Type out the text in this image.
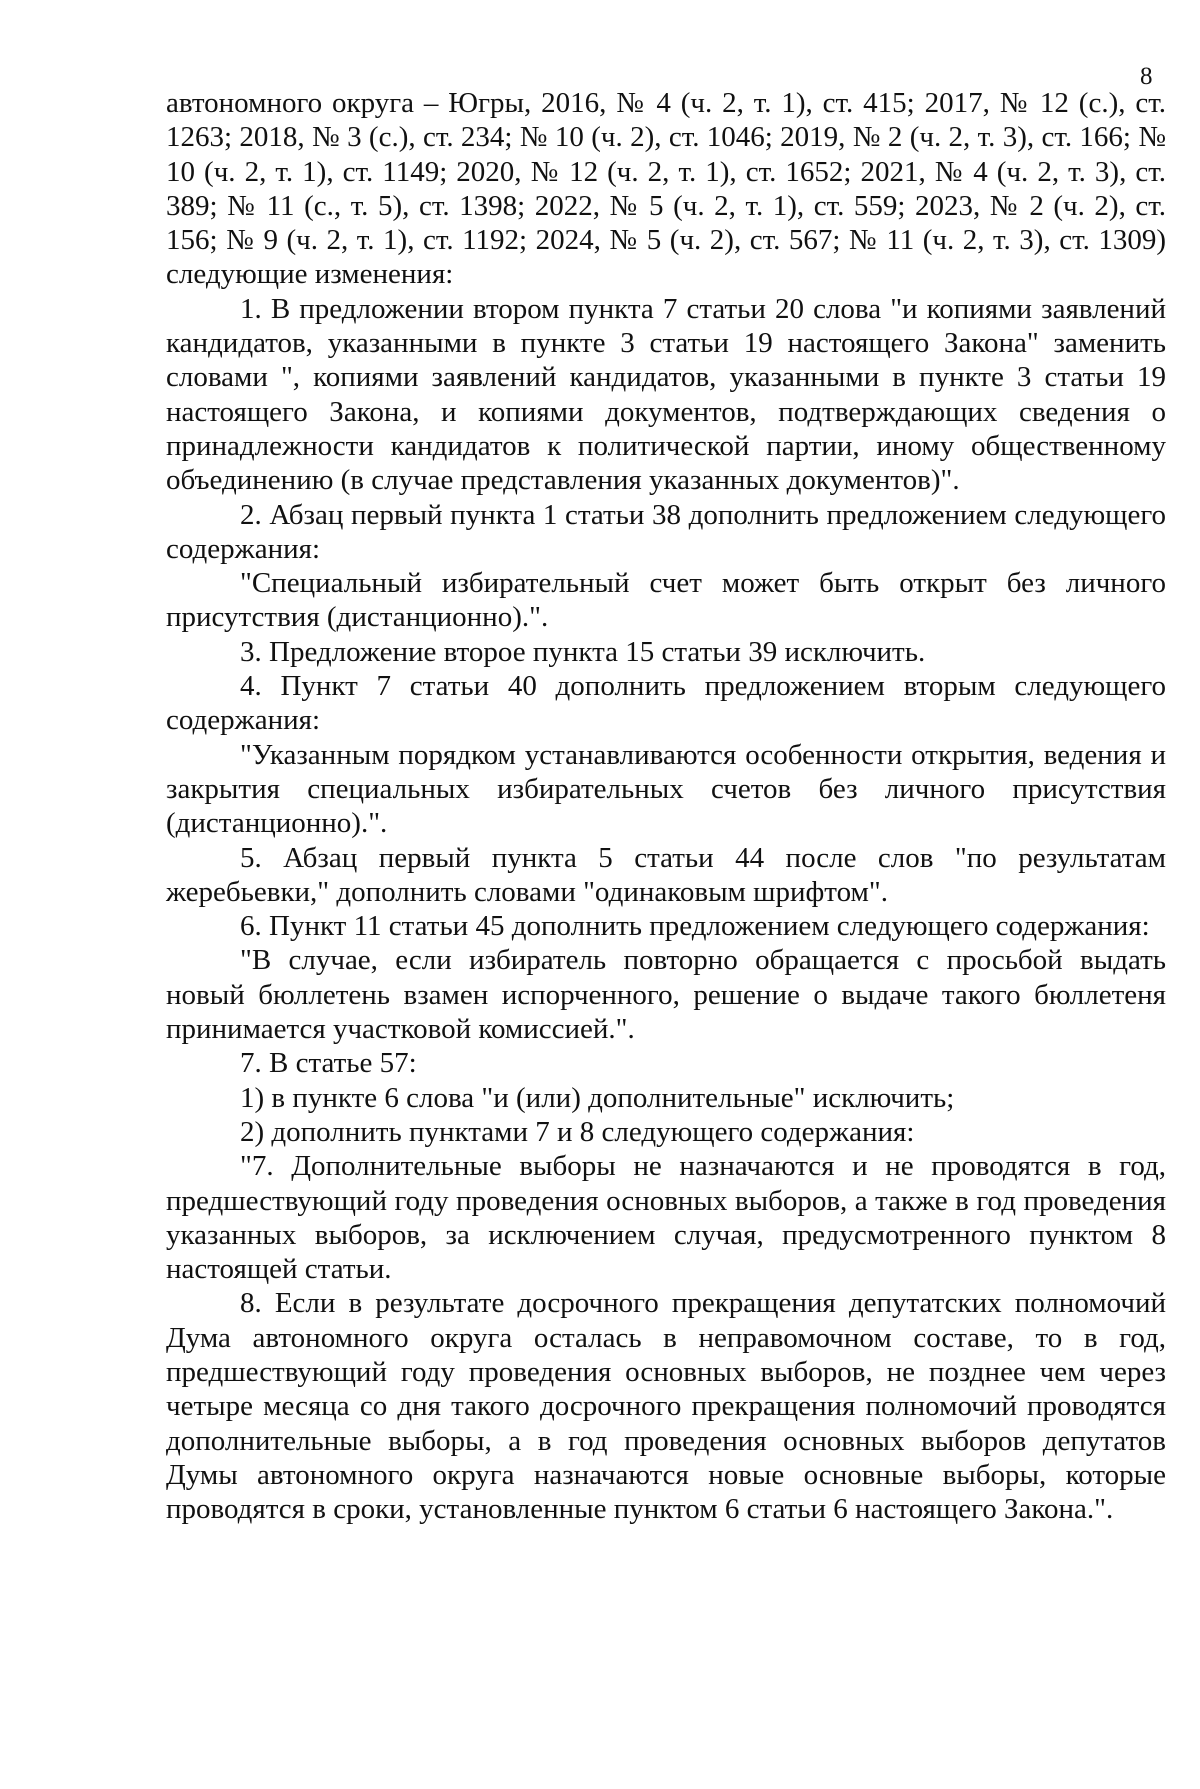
8

автономного округа – Югры, 2016, № 4 (ч. 2, т. 1), ст. 415; 2017, № 12 (с.), ст. 1263; 2018, № 3 (с.), ст. 234; № 10 (ч. 2), ст. 1046; 2019, № 2 (ч. 2, т. 3), ст. 166; № 10 (ч. 2, т. 1), ст. 1149; 2020, № 12 (ч. 2, т. 1), ст. 1652; 2021, № 4 (ч. 2, т. 3), ст. 389; № 11 (с., т. 5), ст. 1398; 2022, № 5 (ч. 2, т. 1), ст. 559; 2023, № 2 (ч. 2), ст. 156; № 9 (ч. 2, т. 1), ст. 1192; 2024, № 5 (ч. 2), ст. 567; № 11 (ч. 2, т. 3), ст. 1309) следующие изменения:

1. В предложении втором пункта 7 статьи 20 слова "и копиями заявлений кандидатов, указанными в пункте 3 статьи 19 настоящего Закона" заменить словами ", копиями заявлений кандидатов, указанными в пункте 3 статьи 19 настоящего Закона, и копиями документов, подтверждающих сведения о принадлежности кандидатов к политической партии, иному общественному объединению (в случае представления указанных документов)".

2. Абзац первый пункта 1 статьи 38 дополнить предложением следующего содержания:

"Специальный избирательный счет может быть открыт без личного присутствия (дистанционно).".

3. Предложение второе пункта 15 статьи 39 исключить.

4. Пункт 7 статьи 40 дополнить предложением вторым следующего содержания:

"Указанным порядком устанавливаются особенности открытия, ведения и закрытия специальных избирательных счетов без личного присутствия (дистанционно).".

5. Абзац первый пункта 5 статьи 44 после слов "по результатам жеребьевки," дополнить словами "одинаковым шрифтом".

6. Пункт 11 статьи 45 дополнить предложением следующего содержания:

"В случае, если избиратель повторно обращается с просьбой выдать новый бюллетень взамен испорченного, решение о выдаче такого бюллетеня принимается участковой комиссией.".

7. В статье 57:

1) в пункте 6 слова "и (или) дополнительные" исключить;

2) дополнить пунктами 7 и 8 следующего содержания:

"7. Дополнительные выборы не назначаются и не проводятся в год, предшествующий году проведения основных выборов, а также в год проведения указанных выборов, за исключением случая, предусмотренного пунктом 8 настоящей статьи.

8. Если в результате досрочного прекращения депутатских полномочий Дума автономного округа осталась в неправомочном составе, то в год, предшествующий году проведения основных выборов, не позднее чем через четыре месяца со дня такого досрочного прекращения полномочий проводятся дополнительные выборы, а в год проведения основных выборов депутатов Думы автономного округа назначаются новые основные выборы, которые проводятся в сроки, установленные пунктом 6 статьи 6 настоящего Закона.".
